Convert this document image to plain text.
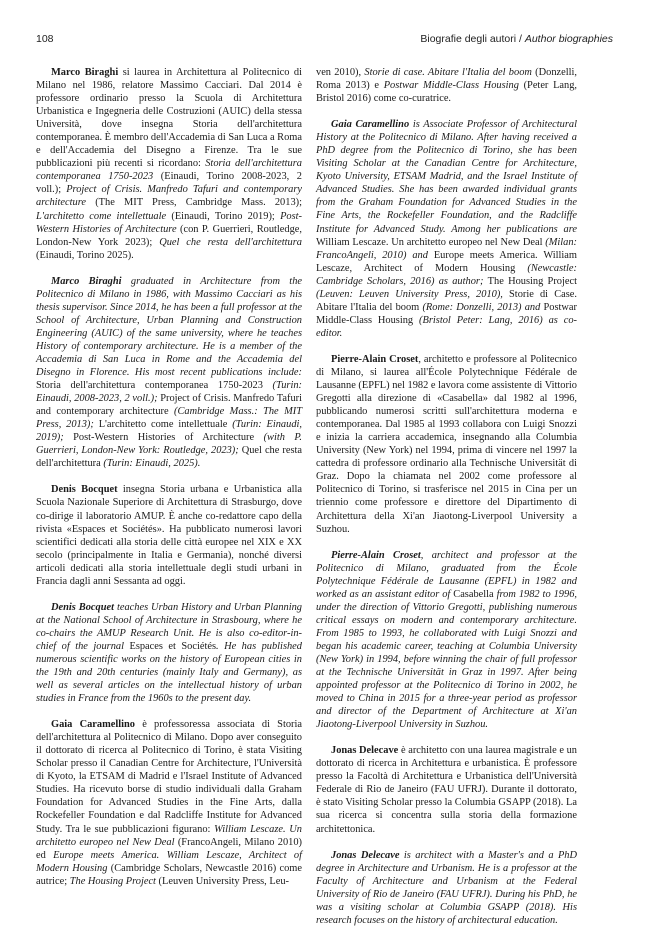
108	Biografie degli autori / Author biographies

Marco Biraghi si laurea in Architettura al Politecnico di Milano nel 1986, relatore Massimo Cacciari. Dal 2014 è professore ordinario presso la Scuola di Architettura Urbanistica e Ingegneria delle Costruzioni (AUIC) della stessa Università, dove insegna Storia dell'architettura contemporanea. È membro dell'Accademia di San Luca a Roma e dell'Accademia del Disegno a Firenze. Tra le sue pubblicazioni più recenti si ricordano: Storia dell'architettura contemporanea 1750-2023 (Einaudi, Torino 2008-2023, 2 voll.); Project of Crisis. Manfredo Tafuri and contemporary architecture (The MIT Press, Cambridge Mass. 2013); L'architetto come intellettuale (Einaudi, Torino 2019); Post-Western Histories of Architecture (con P. Guerrieri, Routledge, London-New York 2023); Quel che resta dell'architettura (Einaudi, Torino 2025).

Marco Biraghi graduated in Architecture from the Politecnico di Milano in 1986, with Massimo Cacciari as his thesis supervisor. Since 2014, he has been a full professor at the School of Architecture, Urban Planning and Construction Engineering (AUIC) of the same university, where he teaches History of contemporary architecture. He is a member of the Accademia di San Luca in Rome and the Accademia del Disegno in Florence. His most recent publications include: Storia dell'architettura contemporanea 1750-2023 (Turin: Einaudi, 2008-2023, 2 voll.); Project of Crisis. Manfredo Tafuri and contemporary architecture (Cambridge Mass.: The MIT Press, 2013); L'architetto come intellettuale (Turin: Einaudi, 2019); Post-Western Histories of Architecture (with P. Guerrieri, London-New York: Routledge, 2023); Quel che resta dell'architettura (Turin: Einaudi, 2025).

Denis Bocquet insegna Storia urbana e Urbanistica alla Scuola Nazionale Superiore di Architettura di Strasburgo, dove co-dirige il laboratorio AMUP. È anche co-redattore capo della rivista «Espaces et Sociétés». Ha pubblicato numerosi lavori scientifici dedicati alla storia delle città europee nel XIX e XX secolo (principalmente in Italia e Germania), nonché diversi articoli dedicati alla storia intellettuale degli studi urbani in Francia dagli anni Sessanta ad oggi.

Denis Bocquet teaches Urban History and Urban Planning at the National School of Architecture in Strasbourg, where he co-chairs the AMUP Research Unit. He is also co-editor-in-chief of the journal Espaces et Sociétés. He has published numerous scientific works on the history of European cities in the 19th and 20th centuries (mainly Italy and Germany), as well as several articles on the intellectual history of urban studies in France from the 1960s to the present day.

Gaia Caramellino è professoressa associata di Storia dell'architettura al Politecnico di Milano. Dopo aver conseguito il dottorato di ricerca al Politecnico di Torino, è stata Visiting Scholar presso il Canadian Centre for Architecture, l'Università di Kyoto, la ETSAM di Madrid e l'Israel Institute of Advanced Studies. Ha ricevuto borse di studio individuali dalla Graham Foundation for Advanced Studies in the Fine Arts, dalla Rockefeller Foundation e dal Radcliffe Institute for Advanced Study. Tra le sue pubblicazioni figurano: William Lescaze. Un architetto europeo nel New Deal (FrancoAngeli, Milano 2010) ed Europe meets America. William Lescaze, Architect of Modern Housing (Cambridge Scholars, Newcastle 2016) come autrice; The Housing Project (Leuven University Press, Leu-

ven 2010), Storie di case. Abitare l'Italia del boom (Donzelli, Roma 2013) e Postwar Middle-Class Housing (Peter Lang, Bristol 2016) come co-curatrice.

Gaia Caramellino is Associate Professor of Architectural History at the Politecnico di Milano. After having received a PhD degree from the Politecnico di Torino, she has been Visiting Scholar at the Canadian Centre for Architecture, Kyoto University, ETSAM Madrid, and the Israel Institute of Advanced Studies. She has been awarded individual grants from the Graham Foundation for Advanced Studies in the Fine Arts, the Rockefeller Foundation, and the Radcliffe Institute for Advanced Study. Among her publications are William Lescaze. Un architetto europeo nel New Deal (Milan: FrancoAngeli, 2010) and Europe meets America. William Lescaze, Architect of Modern Housing (Newcastle: Cambridge Scholars, 2016) as author; The Housing Project (Leuven: Leuven University Press, 2010), Storie di Case. Abitare l'Italia del boom (Rome: Donzelli, 2013) and Postwar Middle-Class Housing (Bristol Peter: Lang, 2016) as co-editor.

Pierre-Alain Croset, architetto e professore al Politecnico di Milano, si laurea all'École Polytechnique Fédérale de Lausanne (EPFL) nel 1982 e lavora come assistente di Vittorio Gregotti alla direzione di «Casabella» dal 1982 al 1996, pubblicando numerosi scritti sull'architettura moderna e contemporanea. Dal 1985 al 1993 collabora con Luigi Snozzi e inizia la carriera accademica, insegnando alla Columbia University (New York) nel 1994, prima di vincere nel 1997 la cattedra di professore ordinario alla Technische Universität di Graz. Dopo la chiamata nel 2002 come professore al Politecnico di Torino, si trasferisce nel 2015 in Cina per un triennio come professore e direttore del Dipartimento di Architettura della Xi'an Jiaotong-Liverpool University a Suzhou.

Pierre-Alain Croset, architect and professor at the Politecnico di Milano, graduated from the École Polytechnique Fédérale de Lausanne (EPFL) in 1982 and worked as an assistant editor of Casabella from 1982 to 1996, under the direction of Vittorio Gregotti, publishing numerous critical essays on modern and contemporary architecture. From 1985 to 1993, he collaborated with Luigi Snozzi and began his academic career, teaching at Columbia University (New York) in 1994, before winning the chair of full professor at the Technische Universität in Graz in 1997. After being appointed professor at the Politecnico di Torino in 2002, he moved to China in 2015 for a three-year period as professor and director of the Department of Architecture at Xi'an Jiaotong-Liverpool University in Suzhou.

Jonas Delecave è architetto con una laurea magistrale e un dottorato di ricerca in Architettura e urbanistica. È professore presso la Facoltà di Architettura e Urbanistica dell'Università Federale di Rio de Janeiro (FAU UFRJ). Durante il dottorato, è stato Visiting Scholar presso la Columbia GSAPP (2018). La sua ricerca si concentra sulla storia della formazione architettonica.

Jonas Delecave is architect with a Master's and a PhD degree in Architecture and Urbanism. He is a professor at the Faculty of Architecture and Urbanism at the Federal University of Rio de Janeiro (FAU UFRJ). During his PhD, he was a visiting scholar at Columbia GSAPP (2018). His research focuses on the history of architectural education.
